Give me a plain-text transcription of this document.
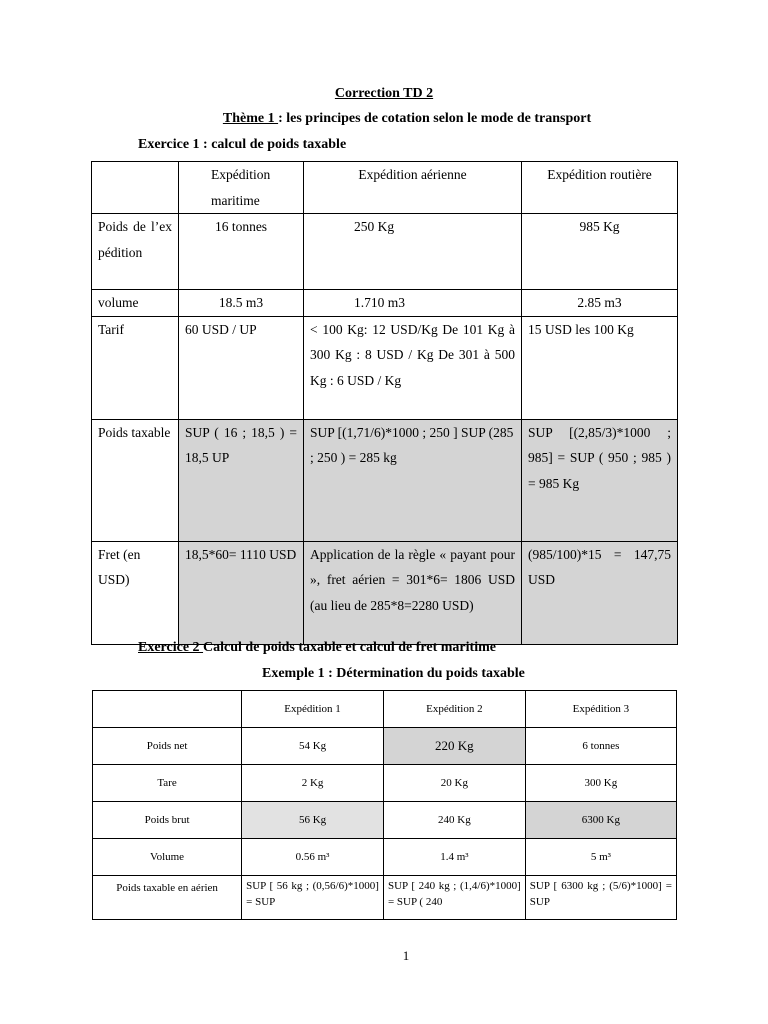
Correction TD 2
Thème 1 : les principes de cotation selon le mode de transport
Exercice 1 : calcul de poids taxable

	Expédition maritime	Expédition aérienne	Expédition routière

Poids de l’expédition	16 tonnes	250 Kg	985 Kg
volume	18.5 m3	1.710 m3	2.85 m3
Tarif	60 USD / UP	< 100 Kg: 12 USD/Kg De 101 Kg à 300 Kg : 8 USD / Kg De 301 à 500 Kg : 6 USD / Kg	15 USD les 100 Kg
Poids taxable	SUP ( 16 ; 18,5 ) = 18,5 UP	SUP [(1,71/6)*1000 ; 250 ] SUP (285 ; 250 ) = 285 kg	SUP [(2,85/3)*1000 ; 985] = SUP ( 950 ; 985 ) = 985 Kg
Fret (en USD)	18,5*60= 1110 USD	Application de la règle « payant pour », fret aérien = 301*6= 1806 USD (au lieu de 285*8=2280 USD)	(985/100)*15 = 147,75 USD
Exercice 2 Calcul de poids taxable et calcul de fret maritime
Exemple 1 : Détermination du poids taxable
	Expédition 1	Expédition 2	Expédition 3
Poids net	54 Kg	220 Kg	6 tonnes
Tare	2 Kg	20 Kg	300 Kg
Poids brut	56 Kg	240 Kg	6300 Kg
Volume	0.56 m³	1.4 m³	5 m³
Poids taxable en aérien	SUP [ 56 kg ; (0,56/6)*1000] = SUP	SUP [ 240 kg ; (1,4/6)*1000] = SUP ( 240	SUP [ 6300 kg ; (5/6)*1000] = SUP
1
